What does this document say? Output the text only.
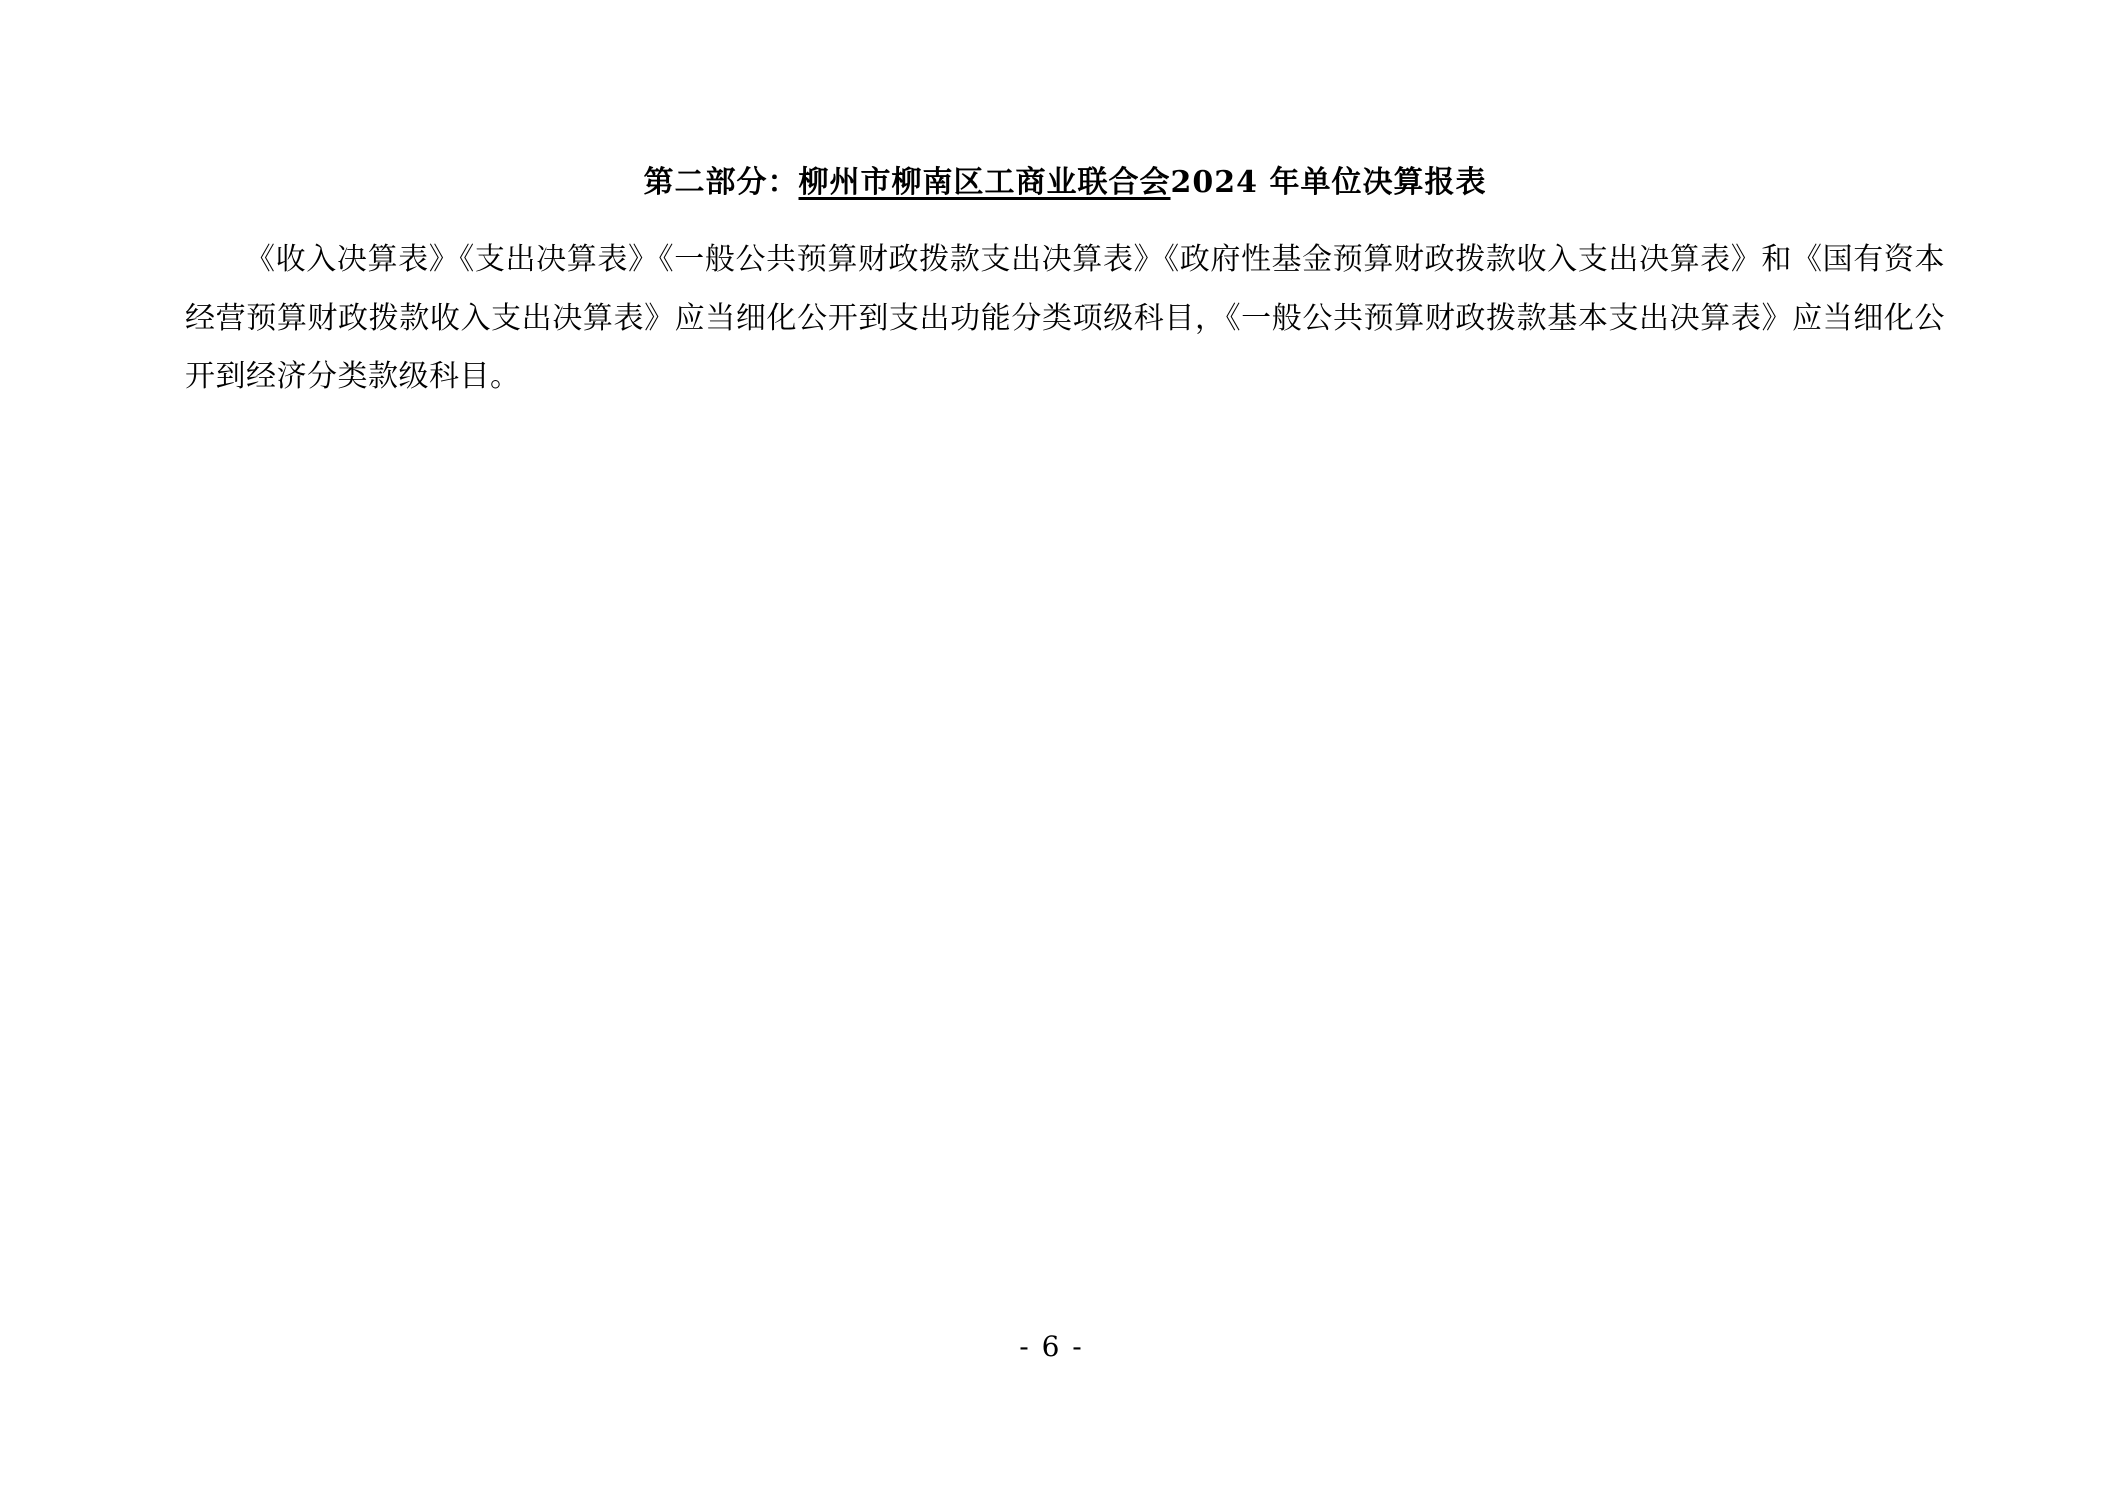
第二部分：柳州市柳南区工商业联合会2024 年单位决算报表

《收入决算表》《支出决算表》《一般公共预算财政拨款支出决算表》《政府性基金预算财政拨款收入支出决算表》和《国有资本经营预算财政拨款收入支出决算表》应当细化公开到支出功能分类项级科目，《一般公共预算财政拨款基本支出决算表》应当细化公开到经济分类款级科目。

- 6 -
